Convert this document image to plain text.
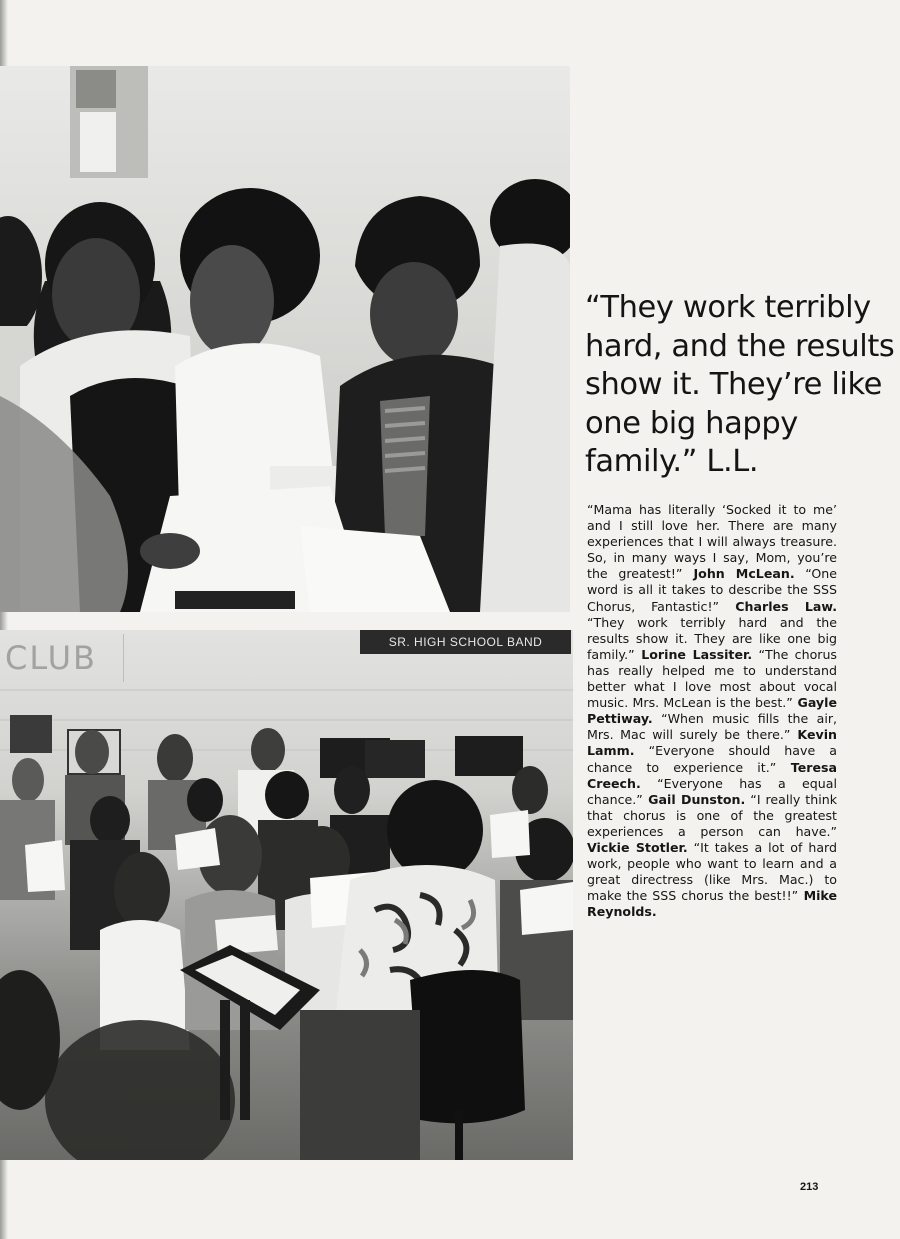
CLUB	SR. HIGH SCHOOL BAND
“They work terribly hard, and the results show it. They’re like one big happy family.” L.L.

“Mama has literally ‘Socked it to me’ and I still love her. There are many experiences that I will always treasure. So, in many ways I say, Mom, you’re the greatest!” John McLean. “One word is all it takes to describe the SSS Chorus, Fantastic!” Charles Law. “They work terribly hard and the results show it. They are like one big family.” Lorine Lassiter. “The chorus has really helped me to understand better what I love most about vocal music. Mrs. McLean is the best.” Gayle Pettiway. “When music fills the air, Mrs. Mac will surely be there.” Kevin Lamm. “Everyone should have a chance to experience it.” Teresa Creech. “Everyone has a equal chance.” Gail Dunston. “I really think that chorus is one of the greatest experiences a person can have.” Vickie Stotler. “It takes a lot of hard work, people who want to learn and a great directress (like Mrs. Mac.) to make the SSS chorus the best!!” Mike Reynolds.

213
